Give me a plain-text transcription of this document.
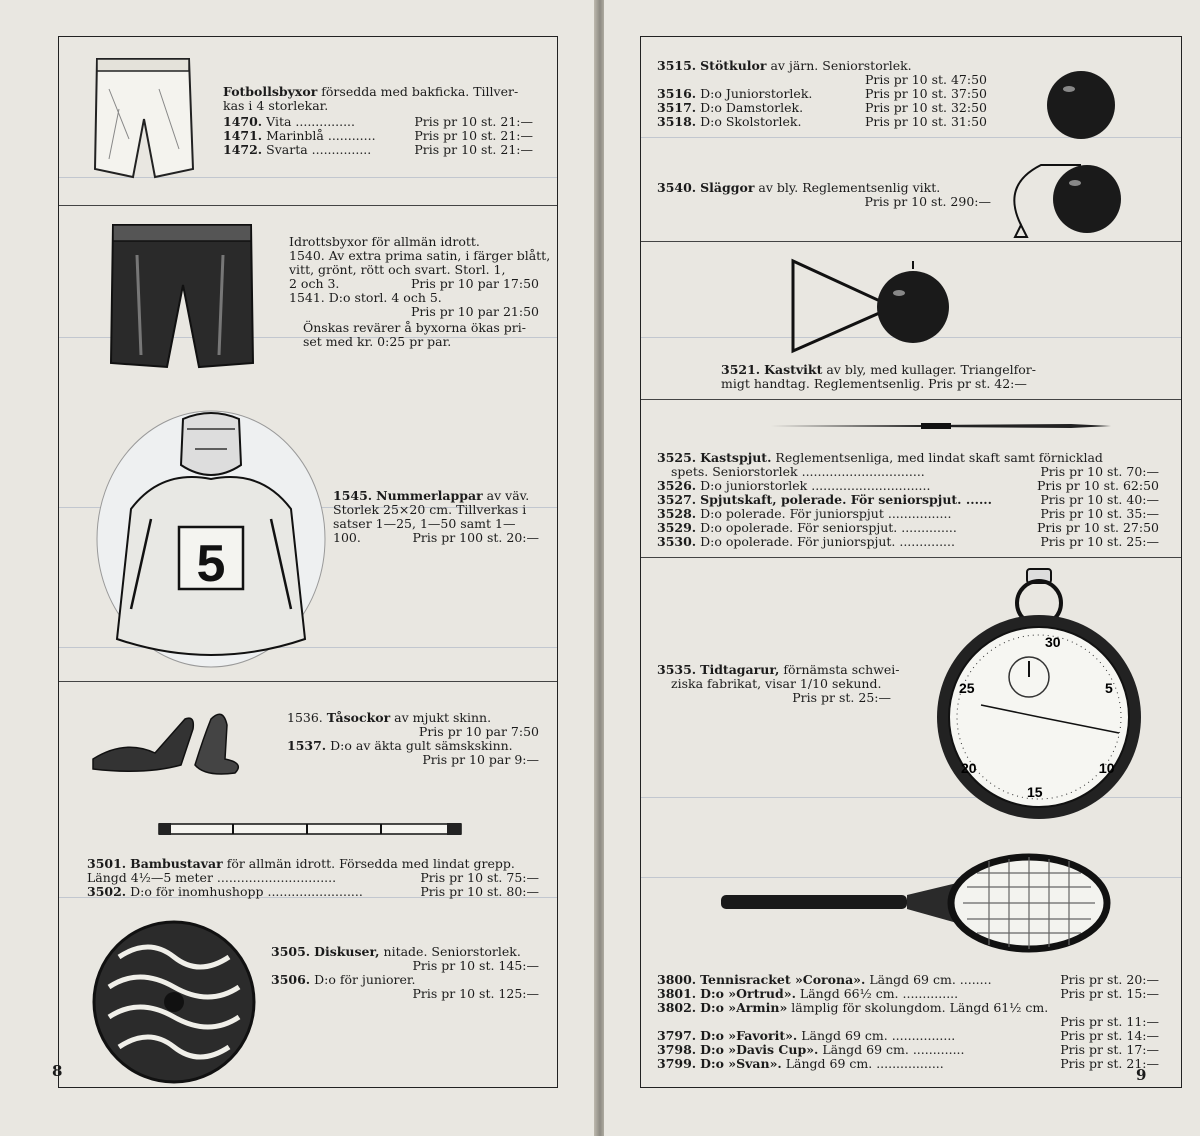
Fotbollsbyxor försedda med bakficka. Tillver-
kas i 4 storlekar.
1470. Vita ...............	Pris pr 10 st. 21:—
1471. Marinblå ............	Pris pr 10 st. 21:—
1472. Svarta ...............	Pris pr 10 st. 21:—
Idrottsbyxor för allmän idrott.
1540. Av extra prima satin, i färger blått,
vitt, grönt, rött och svart. Storl. 1,
2 och 3.	Pris pr 10 par 17:50
1541. D:o storl. 4 och 5.
Pris pr 10 par 21:50
Önskas revärer å byxorna ökas pri-
set med kr. 0:25 pr par.
5
1545. Nummerlappar av väv.
Storlek 25×20 cm. Tillverkas i
satser 1—25, 1—50 samt 1—
100.	Pris pr 100 st. 20:—
1536. Tåsockor av mjukt skinn.
Pris pr 10 par 7:50
1537. D:o av äkta gult sämskskinn.
Pris pr 10 par 9:—
3501. Bambustavar för allmän idrott. Försedda med lindat grepp.
Längd 4½—5 meter ..............................	Pris pr 10 st. 75:—
3502. D:o för inomhushopp ........................	Pris pr 10 st. 80:—
3505. Diskuser, nitade. Seniorstorlek.
Pris pr 10 st. 145:—
3506. D:o för juniorer.
Pris pr 10 st. 125:—
8
3515. Stötkulor av järn. Seniorstorlek.
Pris pr 10 st. 47:50
3516. D:o Juniorstorlek.	Pris pr 10 st. 37:50
3517. D:o Damstorlek.	Pris pr 10 st. 32:50
3518. D:o Skolstorlek.	Pris pr 10 st. 31:50
3540. Släggor av bly. Reglementsenlig vikt.
Pris pr 10 st. 290:—
3521. Kastvikt av bly, med kullager. Triangelfor-
migt handtag. Reglementsenlig. Pris pr st. 42:—
3525. Kastspjut. Reglementsenliga, med lindat skaft samt förnicklad
spets. Seniorstorlek ...............................	Pris pr 10 st. 70:—
3526. D:o juniorstorlek ..............................	Pris pr 10 st. 62:50
3527. Spjutskaft, polerade. För seniorspjut. ......	Pris pr 10 st. 40:—
3528. D:o polerade. För juniorspjut ................	Pris pr 10 st. 35:—
3529. D:o opolerade. För seniorspjut. ..............	Pris pr 10 st. 27:50
3530. D:o opolerade. För juniorspjut. ..............	Pris pr 10 st. 25:—
3535. Tidtagarur, förnämsta schwei-
ziska fabrikat, visar 1/10 sekund.
Pris pr st. 25:—
30
5
10
15
20
25
3800. Tennisracket »Corona». Längd 69 cm. ........	Pris pr st. 20:—
3801. D:o »Ortrud». Längd 66½ cm. ..............	Pris pr st. 15:—
3802. D:o »Armin» lämplig för skolungdom. Längd 61½ cm.
Pris pr st. 11:—
3797. D:o »Favorit». Längd 69 cm. ................	Pris pr st. 14:—
3798. D:o »Davis Cup». Längd 69 cm. .............	Pris pr st. 17:—
3799. D:o »Svan». Längd 69 cm. .................	Pris pr st. 21:—
9
